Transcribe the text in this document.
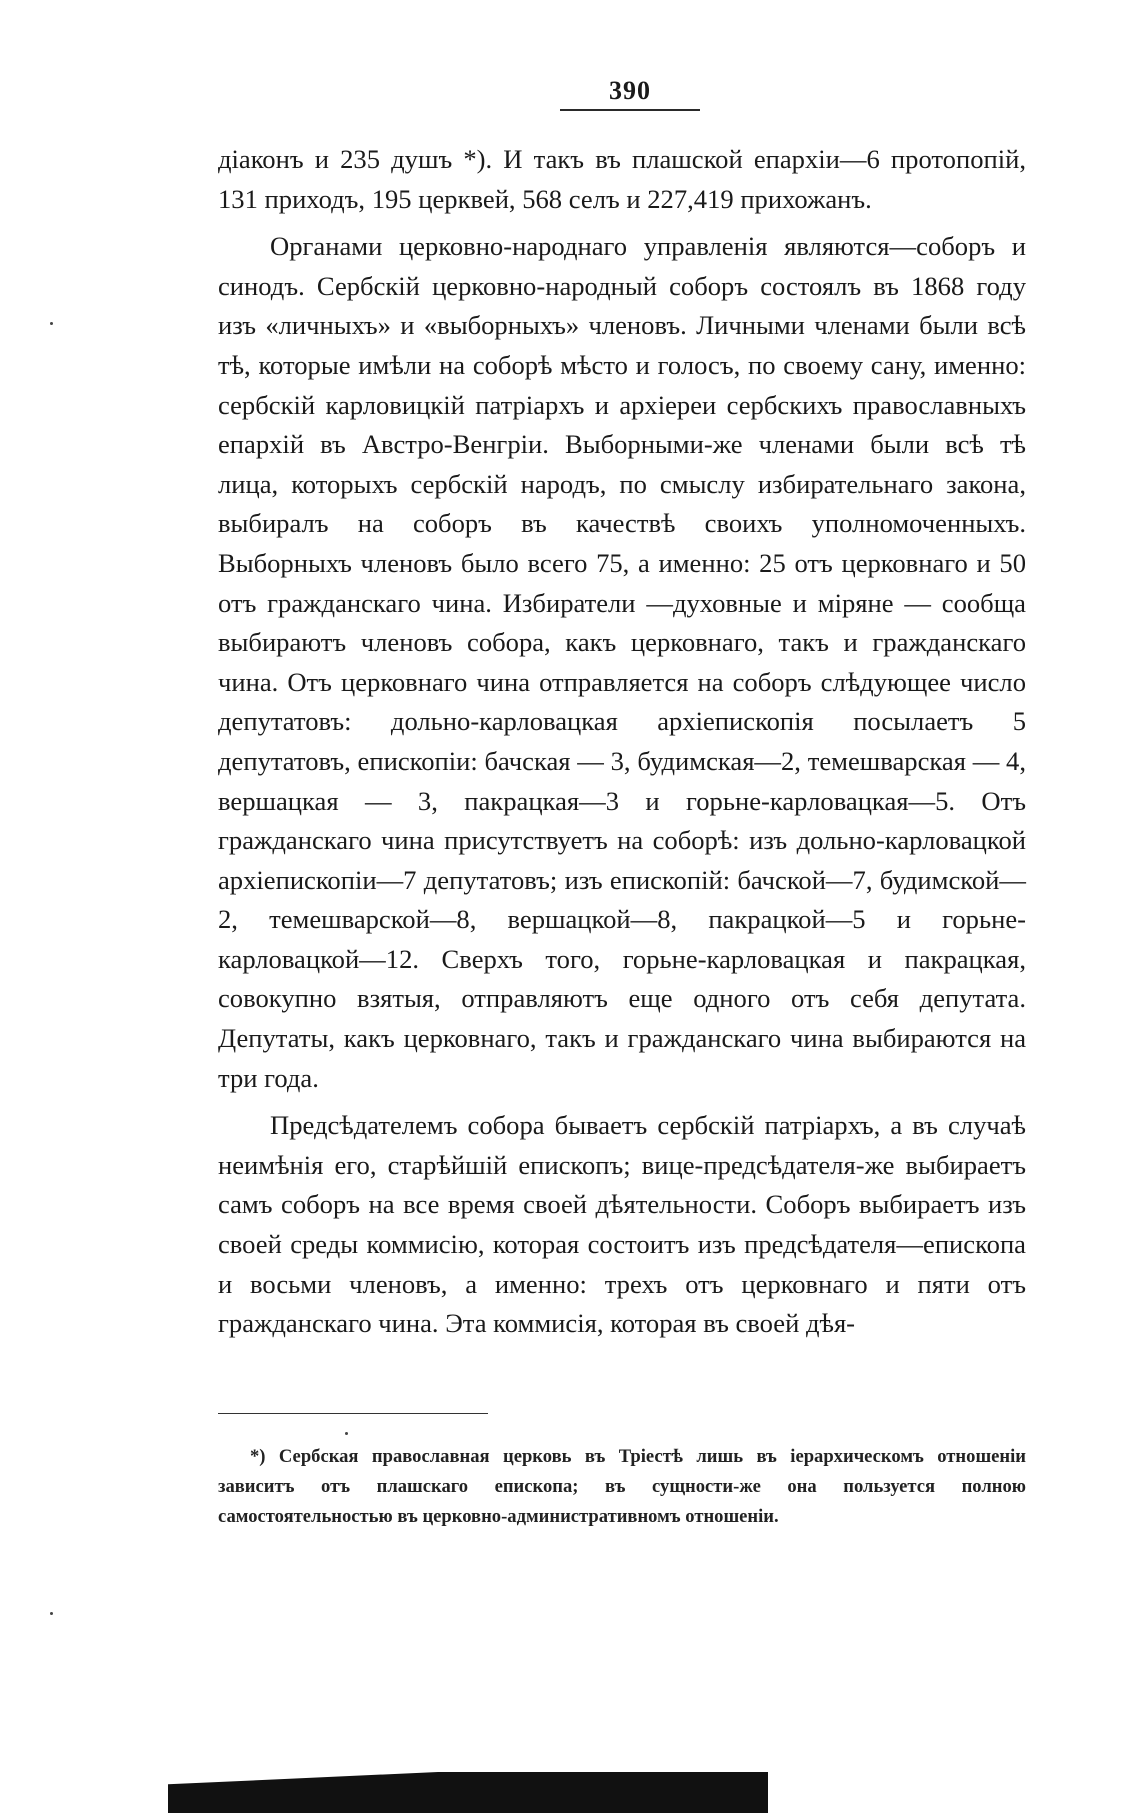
390

діаконъ и 235 душъ *). И такъ въ плашской епархіи—6 протопопій, 131 приходъ, 195 церквей, 568 селъ и 227,419 прихожанъ.

Органами церковно-народнаго управленія являются—соборъ и синодъ. Сербскій церковно-народный соборъ состоялъ въ 1868 году изъ «личныхъ» и «выборныхъ» членовъ. Личными членами были всѣ тѣ, которые имѣли на соборѣ мѣсто и голосъ, по своему сану, именно: сербскій карловицкій патріархъ и архіереи сербскихъ православныхъ епархій въ Австро-Венгріи. Выборными-же членами были всѣ тѣ лица, которыхъ сербскій народъ, по смыслу избирательнаго закона, выбиралъ на соборъ въ качествѣ своихъ уполномоченныхъ. Выборныхъ членовъ было всего 75, а именно: 25 отъ церковнаго и 50 отъ гражданскаго чина. Избиратели —духовные и міряне — сообща выбираютъ членовъ собора, какъ церковнаго, такъ и гражданскаго чина. Отъ церковнаго чина отправляется на соборъ слѣдующее число депутатовъ: дольно-карловацкая архіепископія посылаетъ 5 депутатовъ, епископіи: бачская — 3, будимская—2, темешварская — 4, вершацкая — 3, пакрацкая—3 и горьне-карловацкая—5. Отъ гражданскаго чина присутствуетъ на соборѣ: изъ дольно-карловацкой архіепископіи—7 депутатовъ; изъ епископій: бачской—7, будимской—2, темешварской—8, вершацкой—8, пакрацкой—5 и горьне-карловацкой—12. Сверхъ того, горьне-карловацкая и пакрацкая, совокупно взятыя, отправляютъ еще одного отъ себя депутата. Депутаты, какъ церковнаго, такъ и гражданскаго чина выбираются на три года.

Предсѣдателемъ собора бываетъ сербскій патріархъ, а въ случаѣ неимѣнія его, старѣйшій епископъ; вице-предсѣдателя-же выбираетъ самъ соборъ на все время своей дѣятельности. Соборъ выбираетъ изъ своей среды коммисію, которая состоитъ изъ предсѣдателя—епископа и восьми членовъ, а именно: трехъ отъ церковнаго и пяти отъ гражданскаго чина. Эта коммисія, которая въ своей дѣя-

*) Сербская православная церковь въ Тріестѣ лишь въ іерархическомъ отношеніи зависитъ отъ плашскаго епископа; въ сущности-же она пользуется полною самостоятельностью въ церковно-административномъ отношеніи.
